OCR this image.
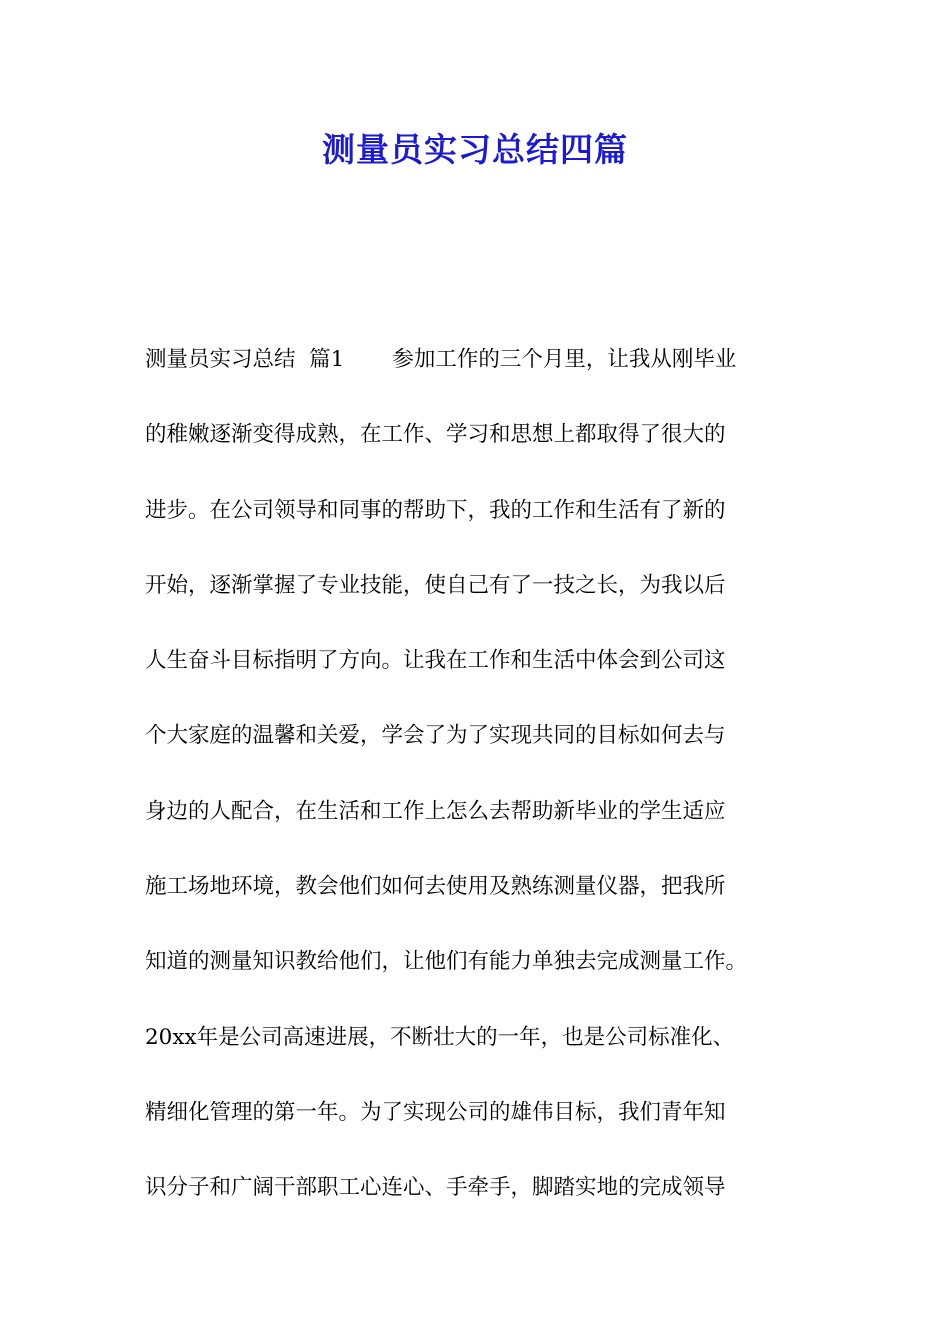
测量员实习总结四篇
测量员实习总结  篇1 参加工作的三个月里，让我从刚毕业
的稚嫩逐渐变得成熟，在工作、学习和思想上都取得了很大的
进步。在公司领导和同事的帮助下，我的工作和生活有了新的
开始，逐渐掌握了专业技能，使自己有了一技之长，为我以后
人生奋斗目标指明了方向。让我在工作和生活中体会到公司这
个大家庭的温馨和关爱，学会了为了实现共同的目标如何去与
身边的人配合，在生活和工作上怎么去帮助新毕业的学生适应
施工场地环境，教会他们如何去使用及熟练测量仪器，把我所
知道的测量知识教给他们，让他们有能力单独去完成测量工作。
20xx年是公司高速进展，不断壮大的一年，也是公司标准化、
精细化管理的第一年。为了实现公司的雄伟目标，我们青年知
识分子和广阔干部职工心连心、手牵手，脚踏实地的完成领导
